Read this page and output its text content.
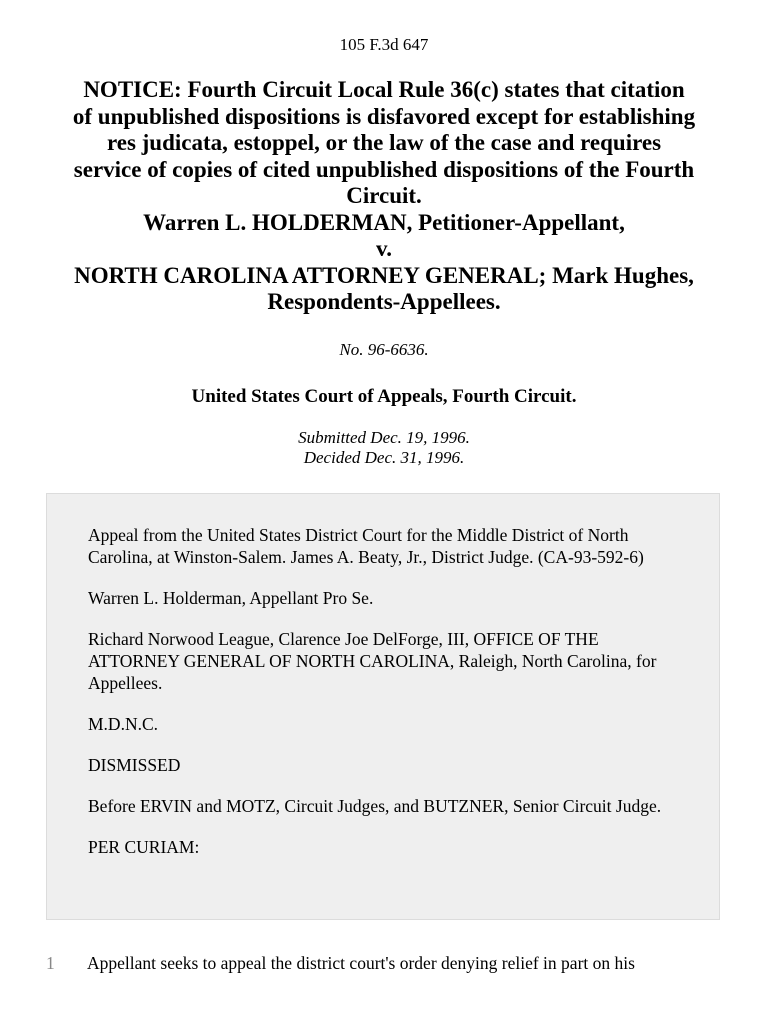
105 F.3d 647
NOTICE: Fourth Circuit Local Rule 36(c) states that citation
of unpublished dispositions is disfavored except for establishing
res judicata, estoppel, or the law of the case and requires
service of copies of cited unpublished dispositions of the Fourth
Circuit.
Warren L. HOLDERMAN, Petitioner-Appellant,
v.
NORTH CAROLINA ATTORNEY GENERAL; Mark Hughes,
Respondents-Appellees.
No. 96-6636.
United States Court of Appeals, Fourth Circuit.
Submitted Dec. 19, 1996.
Decided Dec. 31, 1996.

Appeal from the United States District Court for the Middle District of North Carolina, at Winston-Salem. James A. Beaty, Jr., District Judge. (CA-93-592-6)

Warren L. Holderman, Appellant Pro Se.

Richard Norwood League, Clarence Joe DelForge, III, OFFICE OF THE ATTORNEY GENERAL OF NORTH CAROLINA, Raleigh, North Carolina, for Appellees.

M.D.N.C.

DISMISSED

Before ERVIN and MOTZ, Circuit Judges, and BUTZNER, Senior Circuit Judge.

PER CURIAM:

1 Appellant seeks to appeal the district court's order denying relief in part on his
